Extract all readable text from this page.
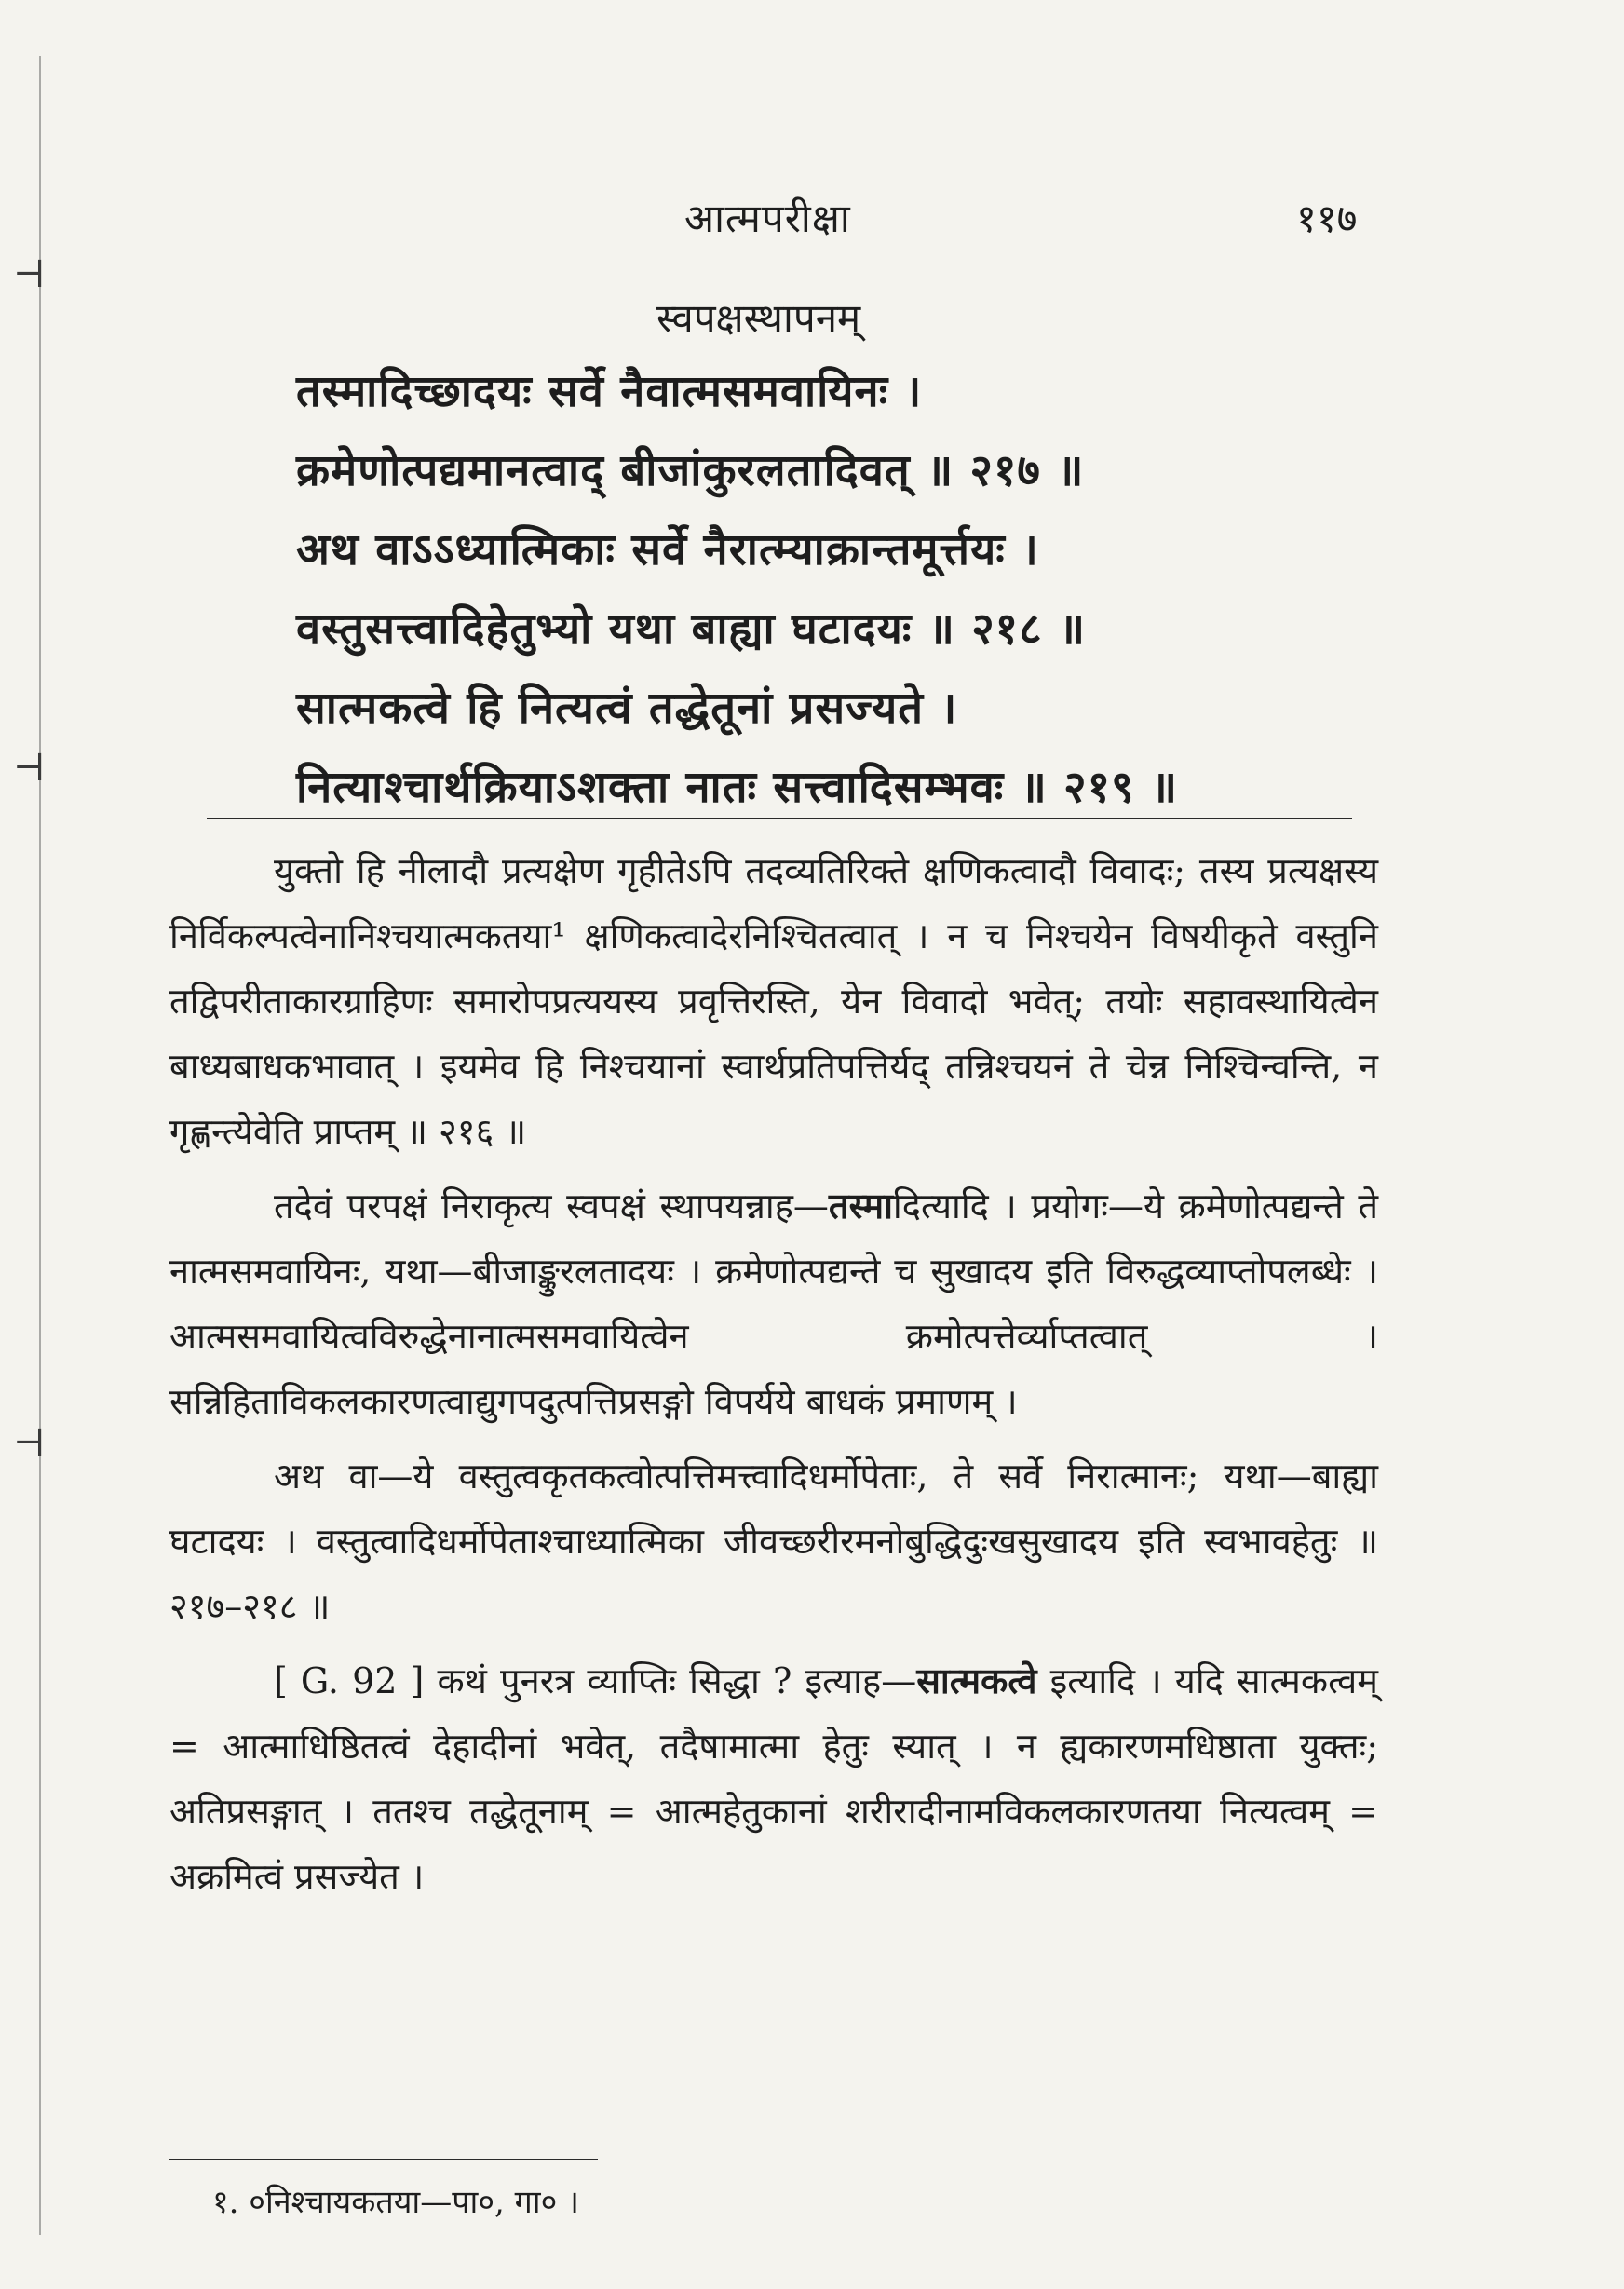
⊣
⊣
⊣
आत्मपरीक्षा	११७
स्वपक्षस्थापनम्
तस्मादिच्छादयः सर्वे नैवात्मसमवायिनः ।
क्रमेणोत्पद्यमानत्वाद् बीजांकुरलतादिवत् ॥ २१७ ॥
अथ वाऽऽध्यात्मिकाः सर्वे नैरात्म्याक्रान्तमूर्त्तयः ।
वस्तुसत्त्वादिहेतुभ्यो यथा बाह्या घटादयः ॥ २१८ ॥
सात्मकत्वे हि नित्यत्वं तद्धेतूनां प्रसज्यते ।
नित्याश्चार्थक्रियाऽशक्ता नातः सत्त्वादिसम्भवः ॥ २१९ ॥

युक्तो हि नीलादौ प्रत्यक्षेण गृहीतेऽपि तदव्यतिरिक्ते क्षणिकत्वादौ विवादः; तस्य प्रत्यक्षस्य निर्विकल्पत्वेनानिश्चयात्मकतया¹ क्षणिकत्वादेरनिश्चितत्वात् । न च निश्चयेन विषयीकृते वस्तुनि तद्विपरीताकारग्राहिणः समारोपप्रत्ययस्य प्रवृत्तिरस्ति, येन विवादो भवेत्; तयोः सहावस्थायित्वेन बाध्यबाधकभावात् । इयमेव हि निश्चयानां स्वार्थप्रतिपत्तिर्यद् तन्निश्चयनं ते चेन्न निश्चिन्वन्ति, न गृह्णन्त्येवेति प्राप्तम् ॥ २१६ ॥

तदेवं परपक्षं निराकृत्य स्वपक्षं स्थापयन्नाह—तस्मादित्यादि । प्रयोगः—ये क्रमेणोत्पद्यन्ते ते नात्मसमवायिनः, यथा—बीजाङ्कुरलतादयः । क्रमेणोत्पद्यन्ते च सुखादय इति विरुद्धव्याप्तोपलब्धेः । आत्मसमवायित्वविरुद्धेनानात्मसमवायित्वेन क्रमोत्पत्तेर्व्याप्तत्वात् । सन्निहिताविकलकारणत्वाद्युगपदुत्पत्तिप्रसङ्गो विपर्यये बाधकं प्रमाणम् ।

अथ वा—ये वस्तुत्वकृतकत्वोत्पत्तिमत्त्वादिधर्मोपेताः, ते सर्वे निरात्मानः; यथा—बाह्या घटादयः । वस्तुत्वादिधर्मोपेताश्चाध्यात्मिका जीवच्छरीरमनोबुद्धिदुःखसुखादय इति स्वभावहेतुः ॥ २१७–२१८ ॥

[ G. 92 ] कथं पुनरत्र व्याप्तिः सिद्धा ? इत्याह—सात्मकत्वे इत्यादि । यदि सात्मकत्वम् = आत्माधिष्ठितत्वं देहादीनां भवेत्, तदैषामात्मा हेतुः स्यात् । न ह्यकारणमधिष्ठाता युक्तः; अतिप्रसङ्गात् । ततश्च तद्धेतूनाम् = आत्महेतुकानां शरीरादीनामविकलकारणतया नित्यत्वम् = अक्रमित्वं प्रसज्येत ।

१. ०निश्चायकतया—पा०, गा० ।
